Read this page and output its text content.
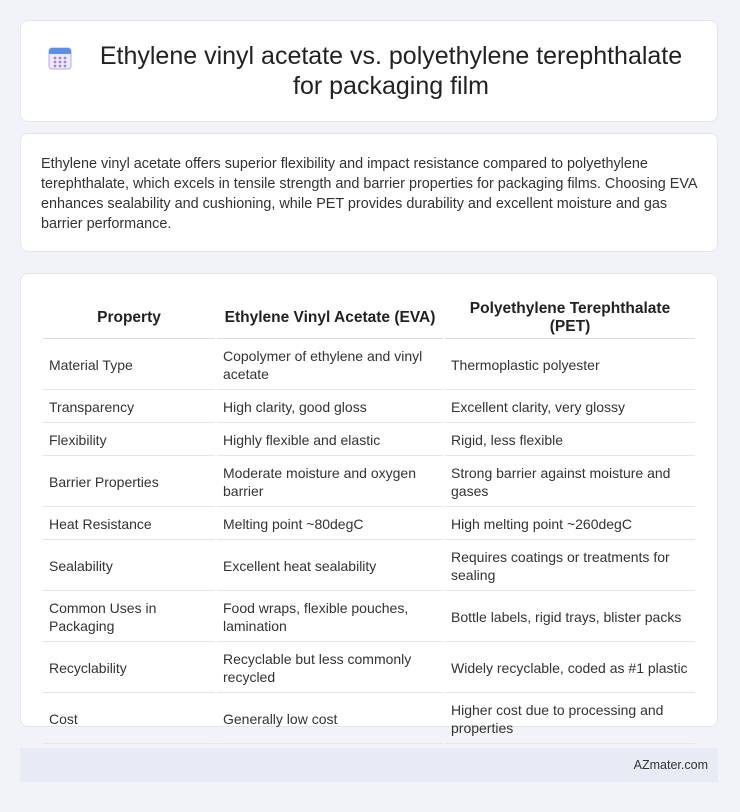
Ethylene vinyl acetate vs. polyethylene terephthalate for packaging film

Ethylene vinyl acetate offers superior flexibility and impact resistance compared to polyethylene terephthalate, which excels in tensile strength and barrier properties for packaging films. Choosing EVA enhances sealability and cushioning, while PET provides durability and excellent moisture and gas barrier performance.

Property	Ethylene Vinyl Acetate (EVA)	Polyethylene Terephthalate (PET)
Material Type	Copolymer of ethylene and vinyl acetate	Thermoplastic polyester
Transparency	High clarity, good gloss	Excellent clarity, very glossy
Flexibility	Highly flexible and elastic	Rigid, less flexible
Barrier Properties	Moderate moisture and oxygen barrier	Strong barrier against moisture and gases
Heat Resistance	Melting point ~80degC	High melting point ~260degC
Sealability	Excellent heat sealability	Requires coatings or treatments for sealing
Common Uses in Packaging	Food wraps, flexible pouches, lamination	Bottle labels, rigid trays, blister packs
Recyclability	Recyclable but less commonly recycled	Widely recyclable, coded as #1 plastic
Cost	Generally low cost	Higher cost due to processing and properties
AZmater.com
